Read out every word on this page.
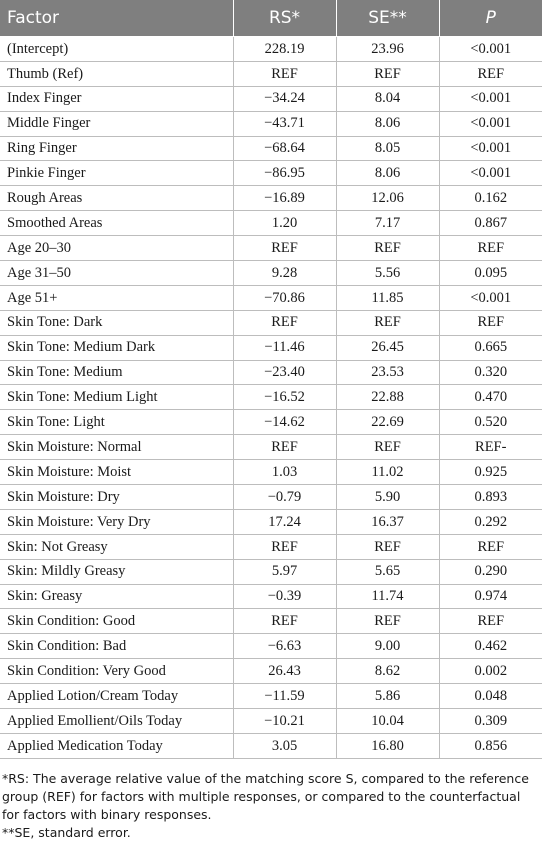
Factor	RS*	SE**	P
(Intercept)	228.19	23.96	<0.001
Thumb (Ref)	REF	REF	REF
Index Finger	−34.24	8.04	<0.001
Middle Finger	−43.71	8.06	<0.001
Ring Finger	−68.64	8.05	<0.001
Pinkie Finger	−86.95	8.06	<0.001
Rough Areas	−16.89	12.06	0.162
Smoothed Areas	1.20	7.17	0.867
Age 20–30	REF	REF	REF
Age 31–50	9.28	5.56	0.095
Age 51+	−70.86	11.85	<0.001
Skin Tone: Dark	REF	REF	REF
Skin Tone: Medium Dark	−11.46	26.45	0.665
Skin Tone: Medium	−23.40	23.53	0.320
Skin Tone: Medium Light	−16.52	22.88	0.470
Skin Tone: Light	−14.62	22.69	0.520
Skin Moisture: Normal	REF	REF	REF-
Skin Moisture: Moist	1.03	11.02	0.925
Skin Moisture: Dry	−0.79	5.90	0.893
Skin Moisture: Very Dry	17.24	16.37	0.292
Skin: Not Greasy	REF	REF	REF
Skin: Mildly Greasy	5.97	5.65	0.290
Skin: Greasy	−0.39	11.74	0.974
Skin Condition: Good	REF	REF	REF
Skin Condition: Bad	−6.63	9.00	0.462
Skin Condition: Very Good	26.43	8.62	0.002
Applied Lotion/Cream Today	−11.59	5.86	0.048
Applied Emollient/Oils Today	−10.21	10.04	0.309
Applied Medication Today	3.05	16.80	0.856

*RS: The average relative value of the matching score S, compared to the reference group (REF) for factors with multiple responses, or compared to the counterfactual for factors with binary responses.

**SE, standard error.
